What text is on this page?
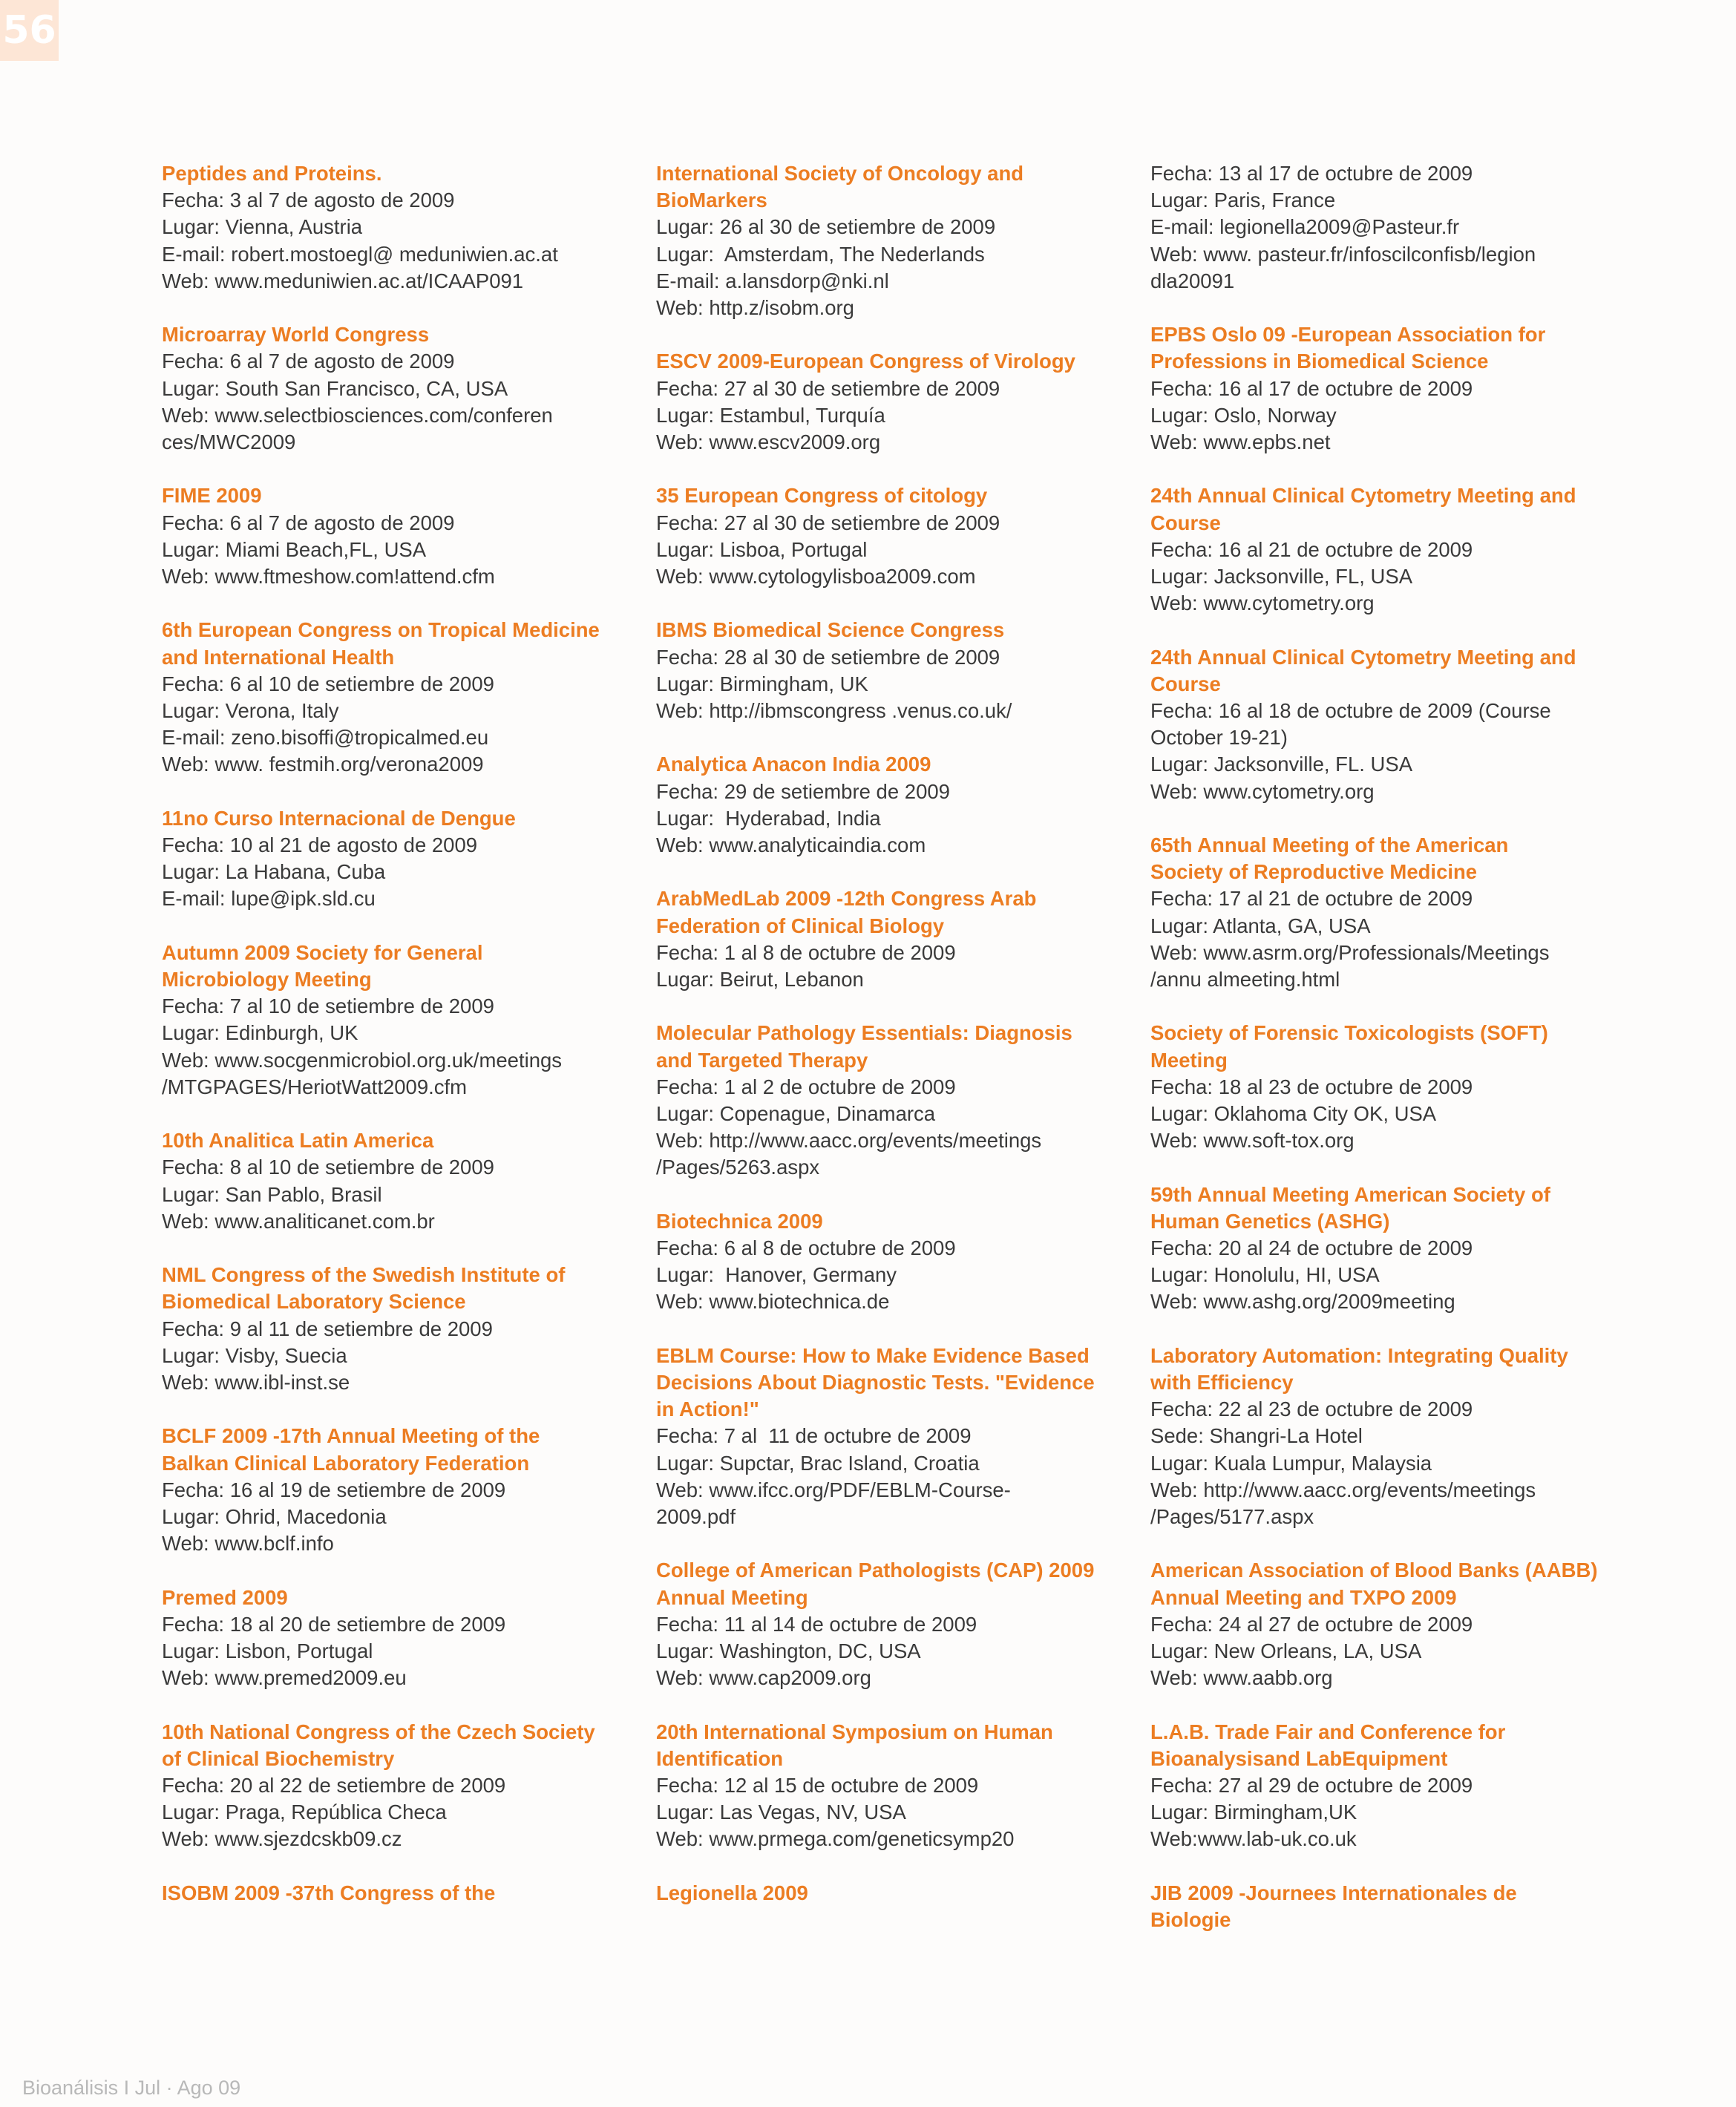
56
Peptides and Proteins.
Fecha: 3 al 7 de agosto de 2009
Lugar: Vienna, Austria
E-mail: robert.mostoegl@ meduniwien.ac.at
Web: www.meduniwien.ac.at/ICAAP091
Microarray World Congress
Fecha: 6 al 7 de agosto de 2009
Lugar: South San Francisco, CA, USA
Web: www.selectbiosciences.com/conferen
ces/MWC2009
FIME 2009
Fecha: 6 al 7 de agosto de 2009
Lugar: Miami Beach,FL, USA
Web: www.ftmeshow.com!attend.cfm
6th European Congress on Tropical Medicine
and International Health
Fecha: 6 al 10 de setiembre de 2009
Lugar: Verona, Italy
E-mail: zeno.bisoffi@tropicalmed.eu
Web: www. festmih.org/verona2009
11no Curso Internacional de Dengue
Fecha: 10 al 21 de agosto de 2009
Lugar: La Habana, Cuba
E-mail: lupe@ipk.sld.cu
Autumn 2009 Society for General
Microbiology Meeting
Fecha: 7 al 10 de setiembre de 2009
Lugar: Edinburgh, UK
Web: www.socgenmicrobiol.org.uk/meetings
/MTGPAGES/HeriotWatt2009.cfm
10th Analitica Latin America
Fecha: 8 al 10 de setiembre de 2009
Lugar: San Pablo, Brasil
Web: www.analiticanet.com.br
NML Congress of the Swedish Institute of
Biomedical Laboratory Science
Fecha: 9 al 11 de setiembre de 2009
Lugar: Visby, Suecia
Web: www.ibl-inst.se
BCLF 2009 -17th Annual Meeting of the
Balkan Clinical Laboratory Federation
Fecha: 16 al 19 de setiembre de 2009
Lugar: Ohrid, Macedonia
Web: www.bclf.info
Premed 2009
Fecha: 18 al 20 de setiembre de 2009
Lugar: Lisbon, Portugal
Web: www.premed2009.eu
10th National Congress of the Czech Society
of Clinical Biochemistry
Fecha: 20 al 22 de setiembre de 2009
Lugar: Praga, República Checa
Web: www.sjezdcskb09.cz
ISOBM 2009 -37th Congress of the
International Society of Oncology and
BioMarkers
Lugar: 26 al 30 de setiembre de 2009
Lugar:  Amsterdam, The Nederlands
E-mail: a.lansdorp@nki.nl
Web: http.z/isobm.org
ESCV 2009-European Congress of Virology
Fecha: 27 al 30 de setiembre de 2009
Lugar: Estambul, Turquía
Web: www.escv2009.org
35 European Congress of citology
Fecha: 27 al 30 de setiembre de 2009
Lugar: Lisboa, Portugal
Web: www.cytologylisboa2009.com
IBMS Biomedical Science Congress
Fecha: 28 al 30 de setiembre de 2009
Lugar: Birmingham, UK
Web: http://ibmscongress .venus.co.uk/
Analytica Anacon India 2009
Fecha: 29 de setiembre de 2009
Lugar:  Hyderabad, India
Web: www.analyticaindia.com
ArabMedLab 2009 -12th Congress Arab
Federation of Clinical Biology
Fecha: 1 al 8 de octubre de 2009
Lugar: Beirut, Lebanon
Molecular Pathology Essentials: Diagnosis
and Targeted Therapy
Fecha: 1 al 2 de octubre de 2009
Lugar: Copenague, Dinamarca
Web: http://www.aacc.org/events/meetings
/Pages/5263.aspx
Biotechnica 2009
Fecha: 6 al 8 de octubre de 2009
Lugar:  Hanover, Germany
Web: www.biotechnica.de
EBLM Course: How to Make Evidence Based
Decisions About Diagnostic Tests. "Evidence
in Action!"
Fecha: 7 al  11 de octubre de 2009
Lugar: Supctar, Brac Island, Croatia
Web: www.ifcc.org/PDF/EBLM-Course-
2009.pdf
College of American Pathologists (CAP) 2009
Annual Meeting
Fecha: 11 al 14 de octubre de 2009
Lugar: Washington, DC, USA
Web: www.cap2009.org
20th International Symposium on Human
Identification
Fecha: 12 al 15 de octubre de 2009
Lugar: Las Vegas, NV, USA
Web: www.prmega.com/geneticsymp20
Legionella 2009
Fecha: 13 al 17 de octubre de 2009
Lugar: Paris, France
E-mail: legionella2009@Pasteur.fr
Web: www. pasteur.fr/infoscilconfisb/legion
dla20091
EPBS Oslo 09 -European Association for
Professions in Biomedical Science
Fecha: 16 al 17 de octubre de 2009
Lugar: Oslo, Norway
Web: www.epbs.net
24th Annual Clinical Cytometry Meeting and
Course
Fecha: 16 al 21 de octubre de 2009
Lugar: Jacksonville, FL, USA
Web: www.cytometry.org
24th Annual Clinical Cytometry Meeting and
Course
Fecha: 16 al 18 de octubre de 2009 (Course
October 19-21)
Lugar: Jacksonville, FL. USA
Web: www.cytometry.org
65th Annual Meeting of the American
Society of Reproductive Medicine
Fecha: 17 al 21 de octubre de 2009
Lugar: Atlanta, GA, USA
Web: www.asrm.org/Professionals/Meetings
/annu almeeting.html
Society of Forensic Toxicologists (SOFT)
Meeting
Fecha: 18 al 23 de octubre de 2009
Lugar: Oklahoma City OK, USA
Web: www.soft-tox.org
59th Annual Meeting American Society of
Human Genetics (ASHG)
Fecha: 20 al 24 de octubre de 2009
Lugar: Honolulu, HI, USA
Web: www.ashg.org/2009meeting
Laboratory Automation: Integrating Quality
with Efficiency
Fecha: 22 al 23 de octubre de 2009
Sede: Shangri-La Hotel
Lugar: Kuala Lumpur, Malaysia
Web: http://www.aacc.org/events/meetings
/Pages/5177.aspx
American Association of Blood Banks (AABB)
Annual Meeting and TXPO 2009
Fecha: 24 al 27 de octubre de 2009
Lugar: New Orleans, LA, USA
Web: www.aabb.org
L.A.B. Trade Fair and Conference for
Bioanalysisand LabEquipment
Fecha: 27 al 29 de octubre de 2009
Lugar: Birmingham,UK
Web:www.lab-uk.co.uk
JIB 2009 -Journees Internationales de
Biologie
Bioanálisis I Jul · Ago 09
